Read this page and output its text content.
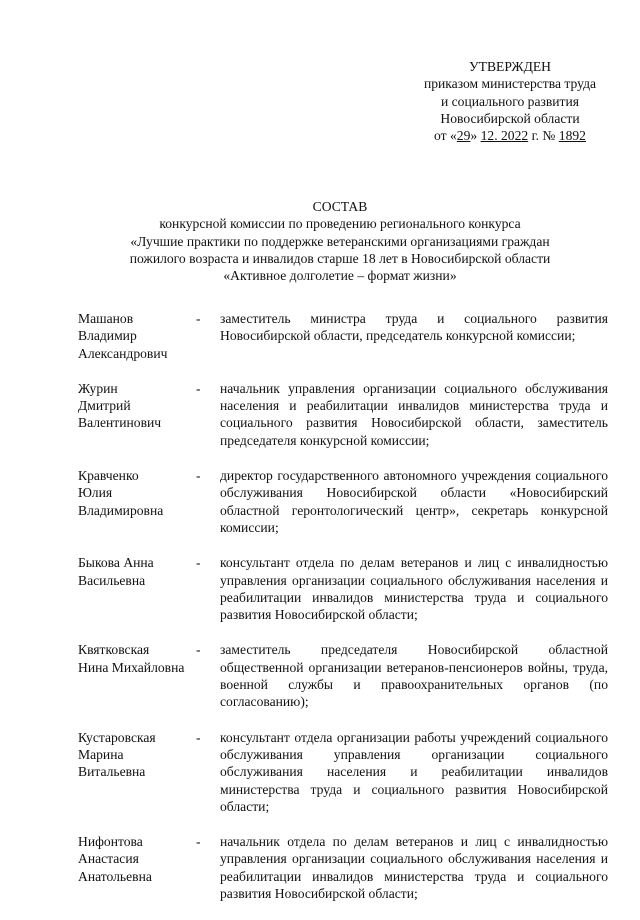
УТВЕРЖДЕН
приказом министерства труда
и социального развития
Новосибирской области
от «29» 12. 2022 г. № 1892
СОСТАВ
конкурсной комиссии по проведению регионального конкурса
«Лучшие практики по поддержке ветеранскими организациями граждан
пожилого возраста и инвалидов старше 18 лет в Новосибирской области
«Активное долголетие – формат жизни»
Машанов
Владимир
Александрович
-	заместитель министра труда и социального развития Новосибирской области, председатель конкурсной комиссии;
Журин
Дмитрий
Валентинович
-	начальник управления организации социального обслуживания населения и реабилитации инвалидов министерства труда и социального развития Новосибирской области, заместитель председателя конкурсной комиссии;
Кравченко
Юлия
Владимировна
-	директор государственного автономного учреждения социального обслуживания Новосибирской области «Новосибирский областной геронтологический центр», секретарь конкурсной комиссии;
Быкова Анна
Васильевна
-	консультант отдела по делам ветеранов и лиц с инвалидностью управления организации социального обслуживания населения и реабилитации инвалидов министерства труда и социального развития Новосибирской области;
Квятковская
Нина Михайловна
-	заместитель председателя Новосибирской областной общественной организации ветеранов-пенсионеров войны, труда, военной службы и правоохранительных органов (по согласованию);
Кустаровская
Марина
Витальевна
-	консультант отдела организации работы учреждений социального обслуживания управления организации социального обслуживания населения и реабилитации инвалидов министерства труда и социального развития Новосибирской области;
Нифонтова
Анастасия
Анатольевна
-	начальник отдела по делам ветеранов и лиц с инвалидностью управления организации социального обслуживания населения и реабилитации инвалидов министерства труда и социального развития Новосибирской области;
